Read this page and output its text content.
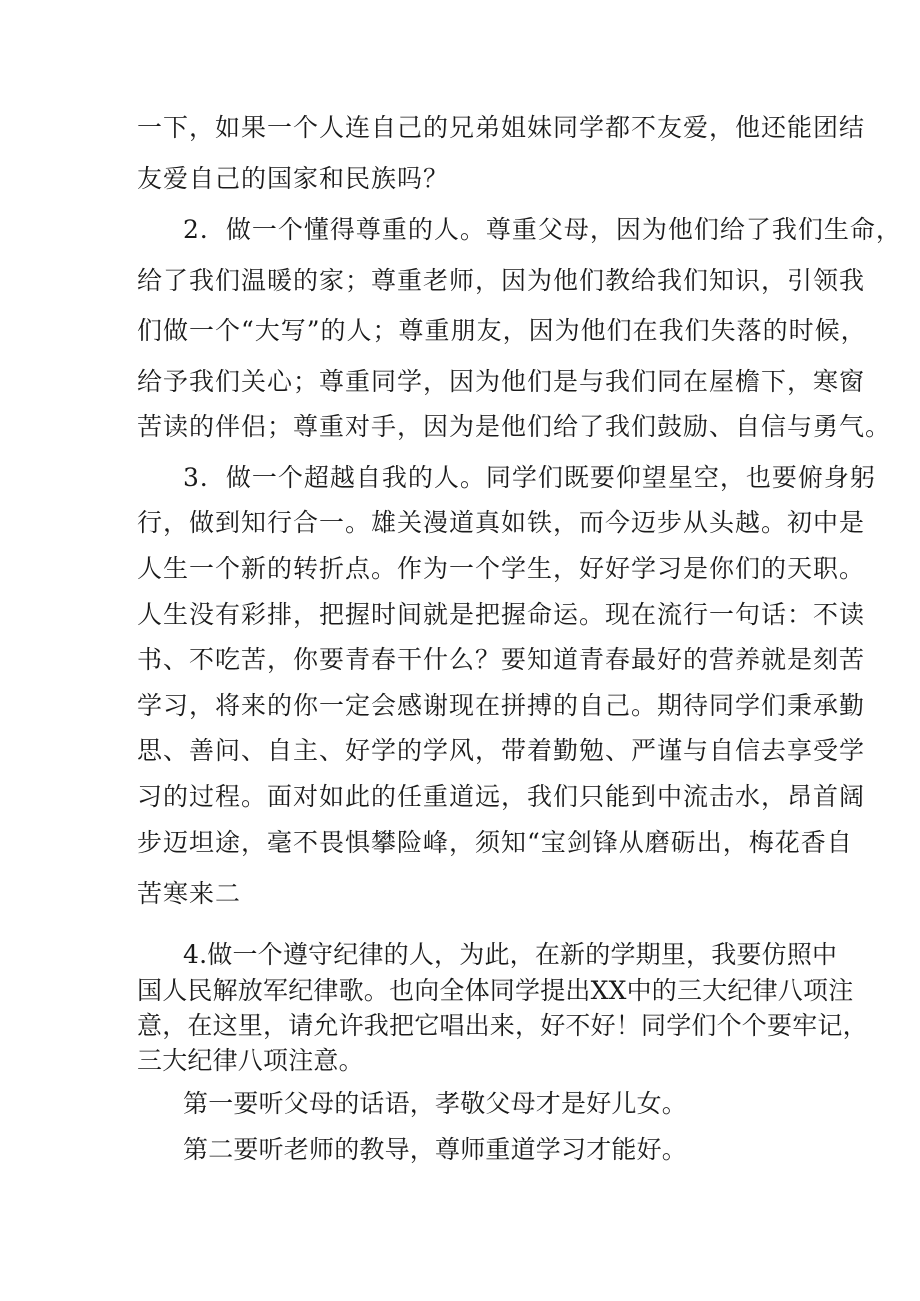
一下，如果一个人连自己的兄弟姐妹同学都不友爱，他还能团结
友爱自己的国家和民族吗？
2．做一个懂得尊重的人。尊重父母，因为他们给了我们生命，
给了我们温暖的家；尊重老师，因为他们教给我们知识，引领我
们做一个“大写”的人；尊重朋友，因为他们在我们失落的时候，
给予我们关心；尊重同学，因为他们是与我们同在屋檐下，寒窗
苦读的伴侣；尊重对手，因为是他们给了我们鼓励、自信与勇气。
3．做一个超越自我的人。同学们既要仰望星空，也要俯身躬
行，做到知行合一。雄关漫道真如铁，而今迈步从头越。初中是
人生一个新的转折点。作为一个学生，好好学习是你们的天职。
人生没有彩排，把握时间就是把握命运。现在流行一句话：不读
书、不吃苦，你要青春干什么？要知道青春最好的营养就是刻苦
学习，将来的你一定会感谢现在拼搏的自己。期待同学们秉承勤
思、善问、自主、好学的学风，带着勤勉、严谨与自信去享受学
习的过程。面对如此的任重道远，我们只能到中流击水，昂首阔
步迈坦途，毫不畏惧攀险峰，须知“宝剑锋从磨砺出，梅花香自
苦寒来二
4.做一个遵守纪律的人，为此，在新的学期里，我要仿照中
国人民解放军纪律歌。也向全体同学提出XX中的三大纪律八项注
意，在这里，请允许我把它唱出来，好不好！同学们个个要牢记，
三大纪律八项注意。
第一要听父母的话语，孝敬父母才是好儿女。
第二要听老师的教导，尊师重道学习才能好。
